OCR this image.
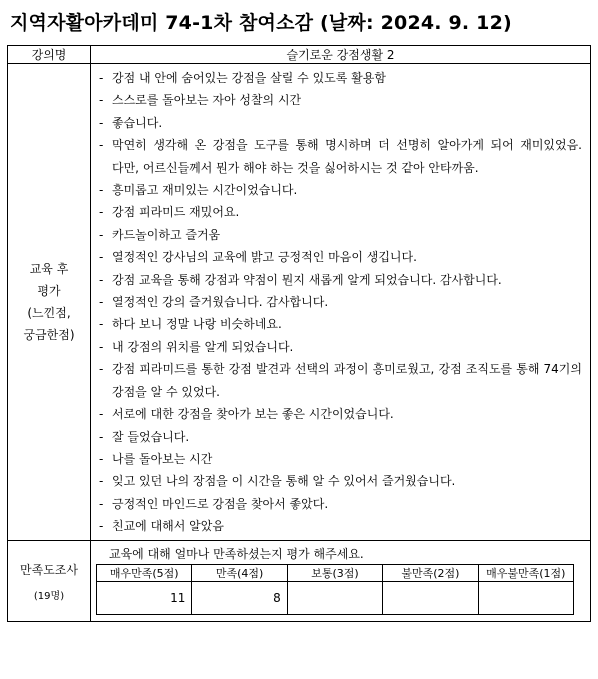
지역자활아카데미 74-1차 참여소감 (날짜: 2024. 9. 12)
강의명	슬기로운 강점생활 2

교육 후
평가
(느낀점,
궁금한점)

- 강점 내 안에 숨어있는 강점을 살릴 수 있도록 활용함
- 스스로를 돌아보는 자아 성찰의 시간
- 좋습니다.
- 막연히 생각해 온 강점을 도구를 통해 명시하며 더 선명히 알아가게 되어 재미있었음. 다만, 어르신들께서 뭔가 해야 하는 것을 싫어하시는 것 같아 안타까움.
- 흥미롭고 재미있는 시간이었습니다.
- 강점 피라미드 재밌어요.
- 카드놀이하고 즐거움
- 열정적인 강사님의 교육에 밝고 긍정적인 마음이 생깁니다.
- 강점 교육을 통해 강점과 약점이 뭔지 새롭게 알게 되었습니다. 감사합니다.
- 열정적인 강의 즐거웠습니다. 감사합니다.
- 하다 보니 정말 나랑 비슷하네요.
- 내 강점의 위치를 알게 되었습니다.
- 강점 피라미드를 통한 강점 발견과 선택의 과정이 흥미로웠고, 강점 조직도를 통해 74기의 강점을 알 수 있었다.
- 서로에 대한 강점을 찾아가 보는 좋은 시간이었습니다.
- 잘 들었습니다.
- 나를 돌아보는 시간
- 잊고 있던 나의 장점을 이 시간을 통해 알 수 있어서 즐거웠습니다.
- 긍정적인 마인드로 강점을 찾아서 좋았다.
- 친교에 대해서 알았음

만족도조사
(19명)

교육에 대해 얼마나 만족하셨는지 평가 해주세요.
매우만족(5점)	만족(4점)	보통(3점)	불만족(2점)	매우불만족(1점)
11	8			
